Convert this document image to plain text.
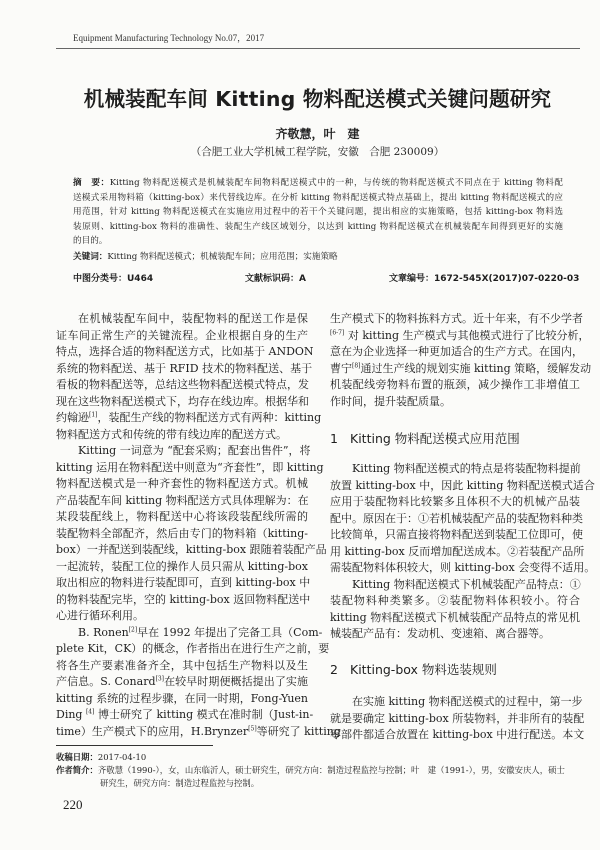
Equipment Manufacturing Technology No.07，2017
机械装配车间 Kitting 物料配送模式关键问题研究
齐敬慧，叶　建
（合肥工业大学机械工程学院，安徽　合肥 230009）
摘　要：Kitting 物料配送模式是机械装配车间物料配送模式中的一种，与传统的物料配送模式不同点在于 kitting 物料配
送模式采用物料箱（kitting-box）来代替线边库。在分析 kitting 物料配送模式特点基础上，提出 kitting 物料配送模式的应
用范围，针对 kitting 物料配送模式在实施应用过程中的若干个关键问题，提出相应的实施策略，包括 kitting-box 物料选
装原则、kitting-box 物料的准确性、装配生产线区域划分，以达到 kitting 物料配送模式在机械装配车间得到更好的实施
的目的。
关键词：Kitting 物料配送模式；机械装配车间；应用范围；实施策略
中图分类号：U464	文献标识码：A	文章编号：1672-545X(2017)07-0220-03
在机械装配车间中，装配物料的配送工作是保
证车间正常生产的关键流程。企业根据自身的生产
特点，选择合适的物料配送方式，比如基于 ANDON
系统的物料配送、基于 RFID 技术的物料配送、基于
看板的物料配送等，总结这些物料配送模式特点，发
现在这些物料配送模式下，均存在线边库。根据华和
约翰逊[1]，装配生产线的物料配送方式有两种：kitting
物料配送方式和传统的带有线边库的配送方式。
Kitting 一词意为 “配套采购；配套出售件”，将
kitting 运用在物料配送中则意为“齐套性”，即 kitting
物料配送模式是一种齐套性的物料配送方式。机械
产品装配车间 kitting 物料配送方式具体理解为：在
某段装配线上，物料配送中心将该段装配线所需的
装配物料全部配齐，然后由专门的物料箱（kitting-
box）一并配送到装配线，kitting-box 跟随着装配产品
一起流转，装配工位的操作人员只需从 kitting-box
取出相应的物料进行装配即可，直到 kitting-box 中
的物料装配完毕，空的 kitting-box 返回物料配送中
心进行循环利用。
B. Ronen[2]早在 1992 年提出了完备工具（Com-
plete Kit，CK）的概念，作者指出在进行生产之前，要
将各生产要素准备齐全，其中包括生产物料以及生
产信息。S. Conard[3]在较早时期便概括提出了实施
kitting 系统的过程步骤，在同一时期，Fong-Yuen
Ding [4] 博士研究了 kitting 模式在准时制（Just-in-
time）生产模式下的应用，H.Brynzer[5]等研究了 kitting
生产模式下的物料拣料方式。近十年来，有不少学者
[6-7] 对 kitting 生产模式与其他模式进行了比较分析，
意在为企业选择一种更加适合的生产方式。在国内，
曹宁[8]通过生产线的规划实施 kitting 策略，缓解发动
机装配线旁物料布置的瓶颈，减少操作工非增值工
作时间，提升装配质量。
1 Kitting 物料配送模式应用范围
Kitting 物料配送模式的特点是将装配物料提前
放置 kitting-box 中，因此 kitting 物料配送模式适合
应用于装配物料比较繁多且体积不大的机械产品装
配中。原因在于：①若机械装配产品的装配物料种类
比较简单，只需直接将物料配送到装配工位即可，使
用 kitting-box 反而增加配送成本。②若装配产品所
需装配物料体积较大，则 kitting-box 会变得不适用。
Kitting 物料配送模式下机械装配产品特点：①
装配物料种类繁多。②装配物料体积较小。符合
kitting 物料配送模式下机械装配产品特点的常见机
械装配产品有：发动机、变速箱、离合器等。
2 Kitting-box 物料选装规则
在实施 kitting 物料配送模式的过程中，第一步
就是要确定 kitting-box 所装物料，并非所有的装配
零部件都适合放置在 kitting-box 中进行配送。本文
收稿日期：2017-04-10
作者简介：齐敬慧（1990-），女，山东临沂人，硕士研究生，研究方向：制造过程监控与控制；叶　建（1991-），男，安徽安庆人，硕士
研究生，研究方向：制造过程监控与控制。
220
